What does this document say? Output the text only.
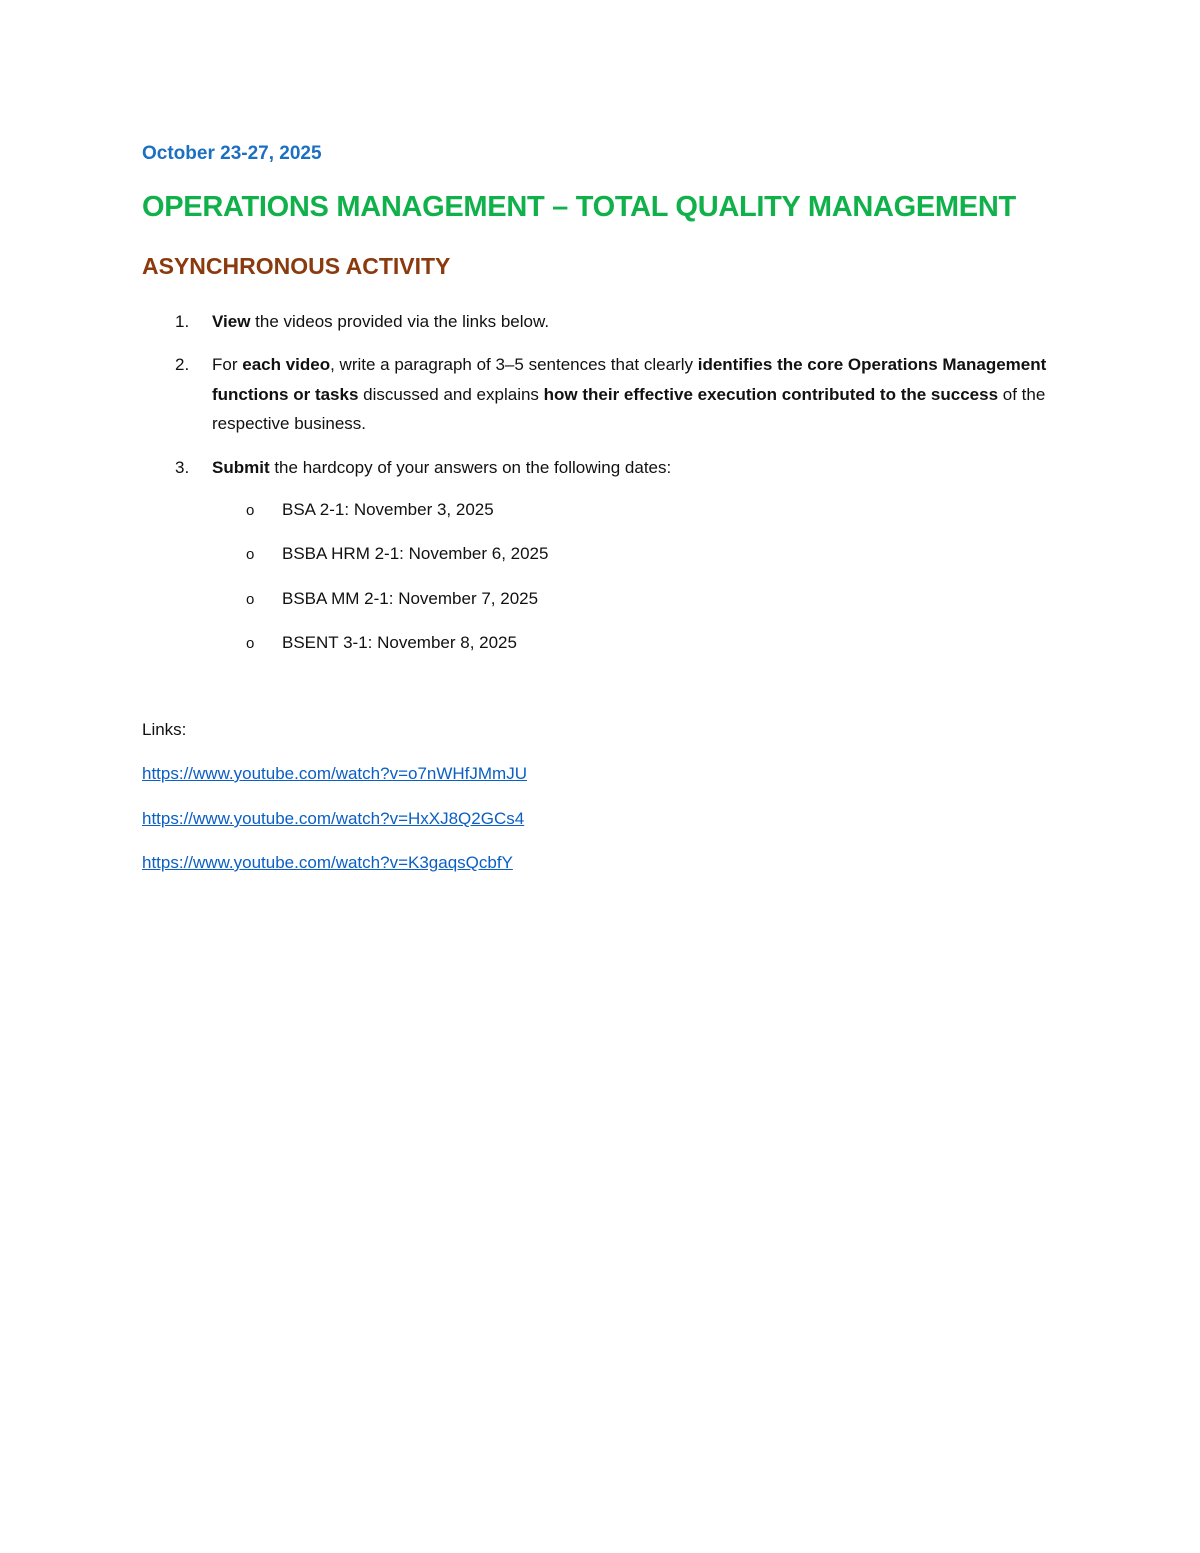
October 23-27, 2025
OPERATIONS MANAGEMENT – TOTAL QUALITY MANAGEMENT
ASYNCHRONOUS ACTIVITY
1.	View the videos provided via the links below.
2.	For each video, write a paragraph of 3–5 sentences that clearly identifies the core Operations Management functions or tasks discussed and explains how their effective execution contributed to the success of the respective business.
3.	Submit the hardcopy of your answers on the following dates:
o BSA 2-1: November 3, 2025
o BSBA HRM 2-1: November 6, 2025
o BSBA MM 2-1: November 7, 2025
o BSENT 3-1: November 8, 2025
Links:
https://www.youtube.com/watch?v=o7nWHfJMmJU
https://www.youtube.com/watch?v=HxXJ8Q2GCs4
https://www.youtube.com/watch?v=K3gaqsQcbfY
